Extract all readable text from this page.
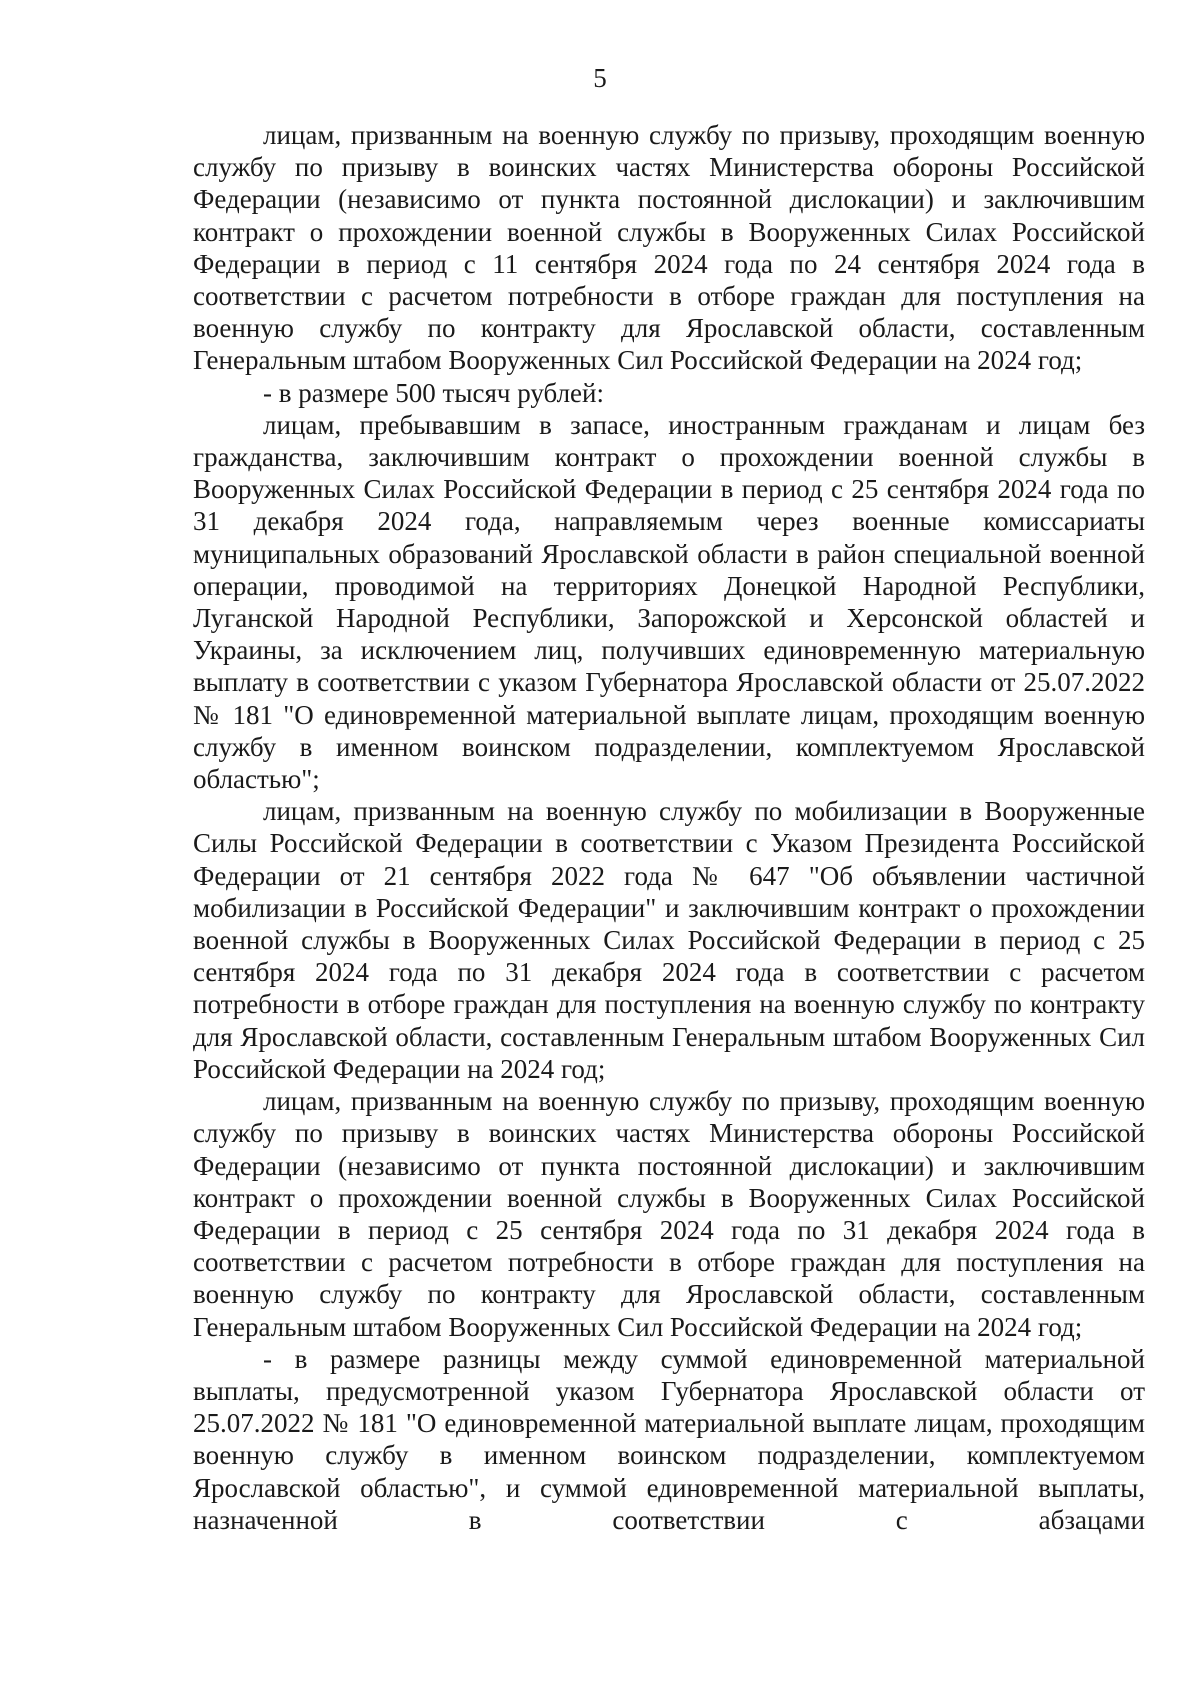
5

лицам, призванным на военную службу по призыву, проходящим военную службу по призыву в воинских частях Министерства обороны Российской Федерации (независимо от пункта постоянной дислокации) и заключившим контракт о прохождении военной службы в Вооруженных Силах Российской Федерации в период с 11 сентября 2024 года по 24 сентября 2024 года в соответствии с расчетом потребности в отборе граждан для поступления на военную службу по контракту для Ярославской области, составленным Генеральным штабом Вооруженных Сил Российской Федерации на 2024 год;

- в размере 500 тысяч рублей:

лицам, пребывавшим в запасе, иностранным гражданам и лицам без гражданства, заключившим контракт о прохождении военной службы в Вооруженных Силах Российской Федерации в период с 25 сентября 2024 года по 31 декабря 2024 года, направляемым через военные комиссариаты муниципальных образований Ярославской области в район специальной военной операции, проводимой на территориях Донецкой Народной Республики, Луганской Народной Республики, Запорожской и Херсонской областей и Украины, за исключением лиц, получивших единовременную материальную выплату в соответствии с указом Губернатора Ярославской области от 25.07.2022 № 181 "О единовременной материальной выплате лицам, проходящим военную службу в именном воинском подразделении, комплектуемом Ярославской областью";

лицам, призванным на военную службу по мобилизации в Вооруженные Силы Российской Федерации в соответствии с Указом Президента Российской Федерации от 21 сентября 2022 года № 647 "Об объявлении частичной мобилизации в Российской Федерации" и заключившим контракт о прохождении военной службы в Вооруженных Силах Российской Федерации в период с 25 сентября 2024 года по 31 декабря 2024 года в соответствии с расчетом потребности в отборе граждан для поступления на военную службу по контракту для Ярославской области, составленным Генеральным штабом Вооруженных Сил Российской Федерации на 2024 год;

лицам, призванным на военную службу по призыву, проходящим военную службу по призыву в воинских частях Министерства обороны Российской Федерации (независимо от пункта постоянной дислокации) и заключившим контракт о прохождении военной службы в Вооруженных Силах Российской Федерации в период с 25 сентября 2024 года по 31 декабря 2024 года в соответствии с расчетом потребности в отборе граждан для поступления на военную службу по контракту для Ярославской области, составленным Генеральным штабом Вооруженных Сил Российской Федерации на 2024 год;

- в размере разницы между суммой единовременной материальной выплаты, предусмотренной указом Губернатора Ярославской области от 25.07.2022 № 181 "О единовременной материальной выплате лицам, проходящим военную службу в именном воинском подразделении, комплектуемом Ярославской областью", и суммой единовременной материальной выплаты, назначенной в соответствии с абзацами
